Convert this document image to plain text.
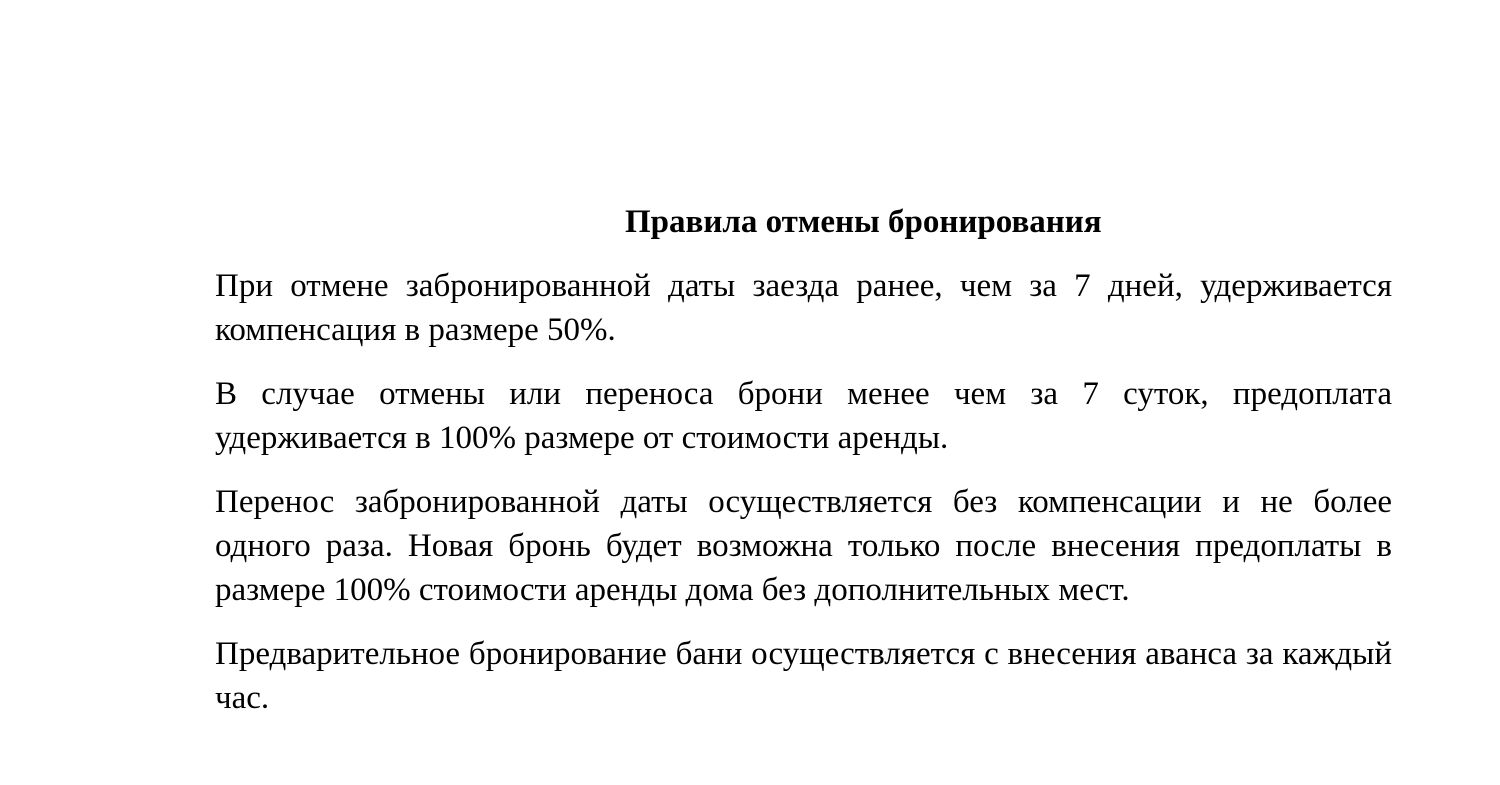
Правила отмены бронирования

При отмене забронированной даты заезда ранее, чем за 7 дней, удерживается компенсация в размере 50%.

В случае отмены или переноса брони менее чем за 7 суток, предоплата удерживается в 100% размере от стоимости аренды.

Перенос забронированной даты осуществляется без компенсации и не более одного раза. Новая бронь будет возможна только после внесения предоплаты в размере 100% стоимости аренды дома без дополнительных мест.

Предварительное бронирование бани осуществляется с внесения аванса за каждый час.
